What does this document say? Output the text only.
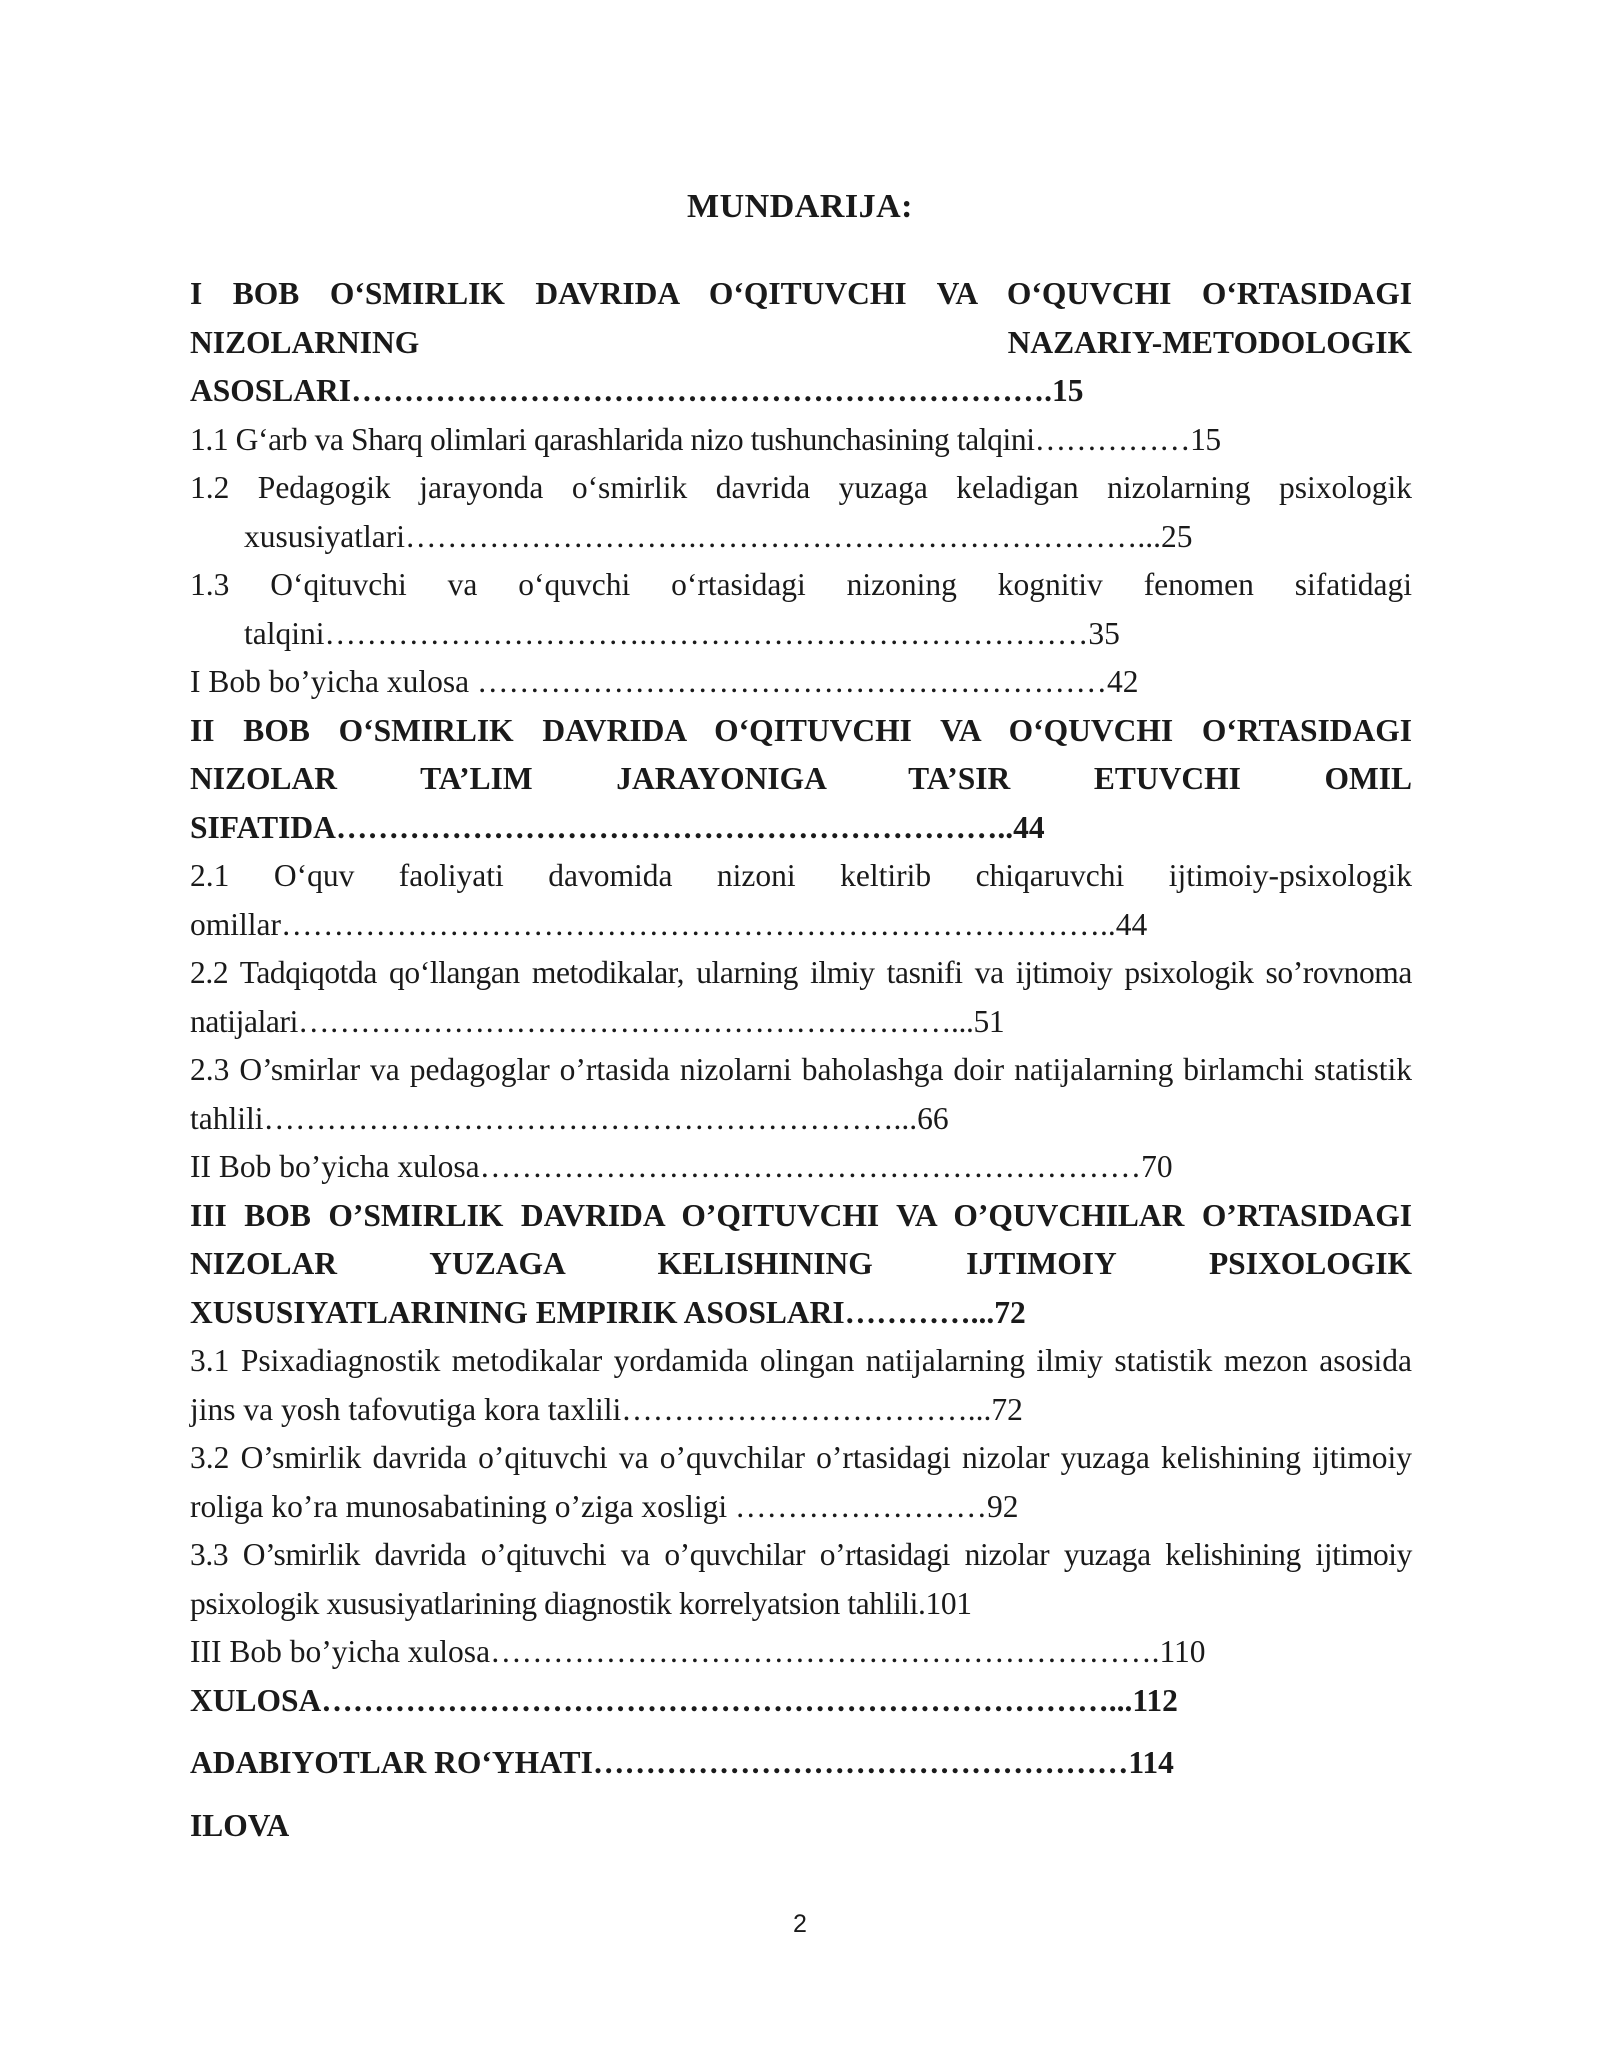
MUNDARIJA:

I BOB O‘SMIRLIK DAVRIDA O‘QITUVCHI VA O‘QUVCHI O‘RTASIDAGI NIZOLARNING NAZARIY-METODOLOGIK ASOSLARI………………………………………………………….15

1.1 G‘arb va Sharq olimlari qarashlarida nizo tushunchasining talqini……………15

1.2 Pedagogik jarayonda o‘smirlik davrida yuzaga keladigan nizolarning psixologik xususiyatlari……………………….……………………………………...25

1.3 O‘qituvchi va o‘quvchi o‘rtasidagi nizoning kognitiv fenomen sifatidagi talqini………………………….……………………………………35

I Bob bo’yicha xulosa ……………………………………………………42

II BOB O‘SMIRLIK DAVRIDA O‘QITUVCHI VA O‘QUVCHI O‘RTASIDAGI NIZOLAR TA’LIM JARAYONIGA TA’SIR ETUVCHI OMIL SIFATIDA………………………………………………………..44

2.1 O‘quv faoliyati davomida nizoni keltirib chiqaruvchi ijtimoiy-psixologik omillar……………………………………………………………………..44

2.2 Tadqiqotda qo‘llangan metodikalar, ularning ilmiy tasnifi va ijtimoiy psixologik so’rovnoma natijalari………………………………………………………...51

2.3 O’smirlar va pedagoglar o’rtasida nizolarni baholashga doir natijalarning birlamchi statistik tahlili……………………………………………………...66

II Bob bo’yicha xulosa………………………………………………………70

III BOB O’SMIRLIK DAVRIDA O’QITUVCHI VA O’QUVCHILAR O’RTASIDAGI NIZOLAR YUZAGA KELISHINING IJTIMOIY PSIXOLOGIK XUSUSIYATLARINING EMPIRIK ASOSLARI…………...72

3.1 Psixadiagnostik metodikalar yordamida olingan natijalarning ilmiy statistik mezon asosida jins va yosh tafovutiga kora taxlili……………………………...72

3.2 O’smirlik davrida o’qituvchi va o’quvchilar o’rtasidagi nizolar yuzaga kelishining ijtimoiy roliga ko’ra munosabatining o’ziga xosligi ……………………92

3.3 O’smirlik davrida o’qituvchi va o’quvchilar o’rtasidagi nizolar yuzaga kelishining ijtimoiy psixologik xususiyatlarining diagnostik korrelyatsion tahlili.101

III Bob bo’yicha xulosa……………………………………………………….110

XULOSA…………………………………………………………………...112

ADABIYOTLAR RO‘YHATI……………………………………………114

ILOVA

2
